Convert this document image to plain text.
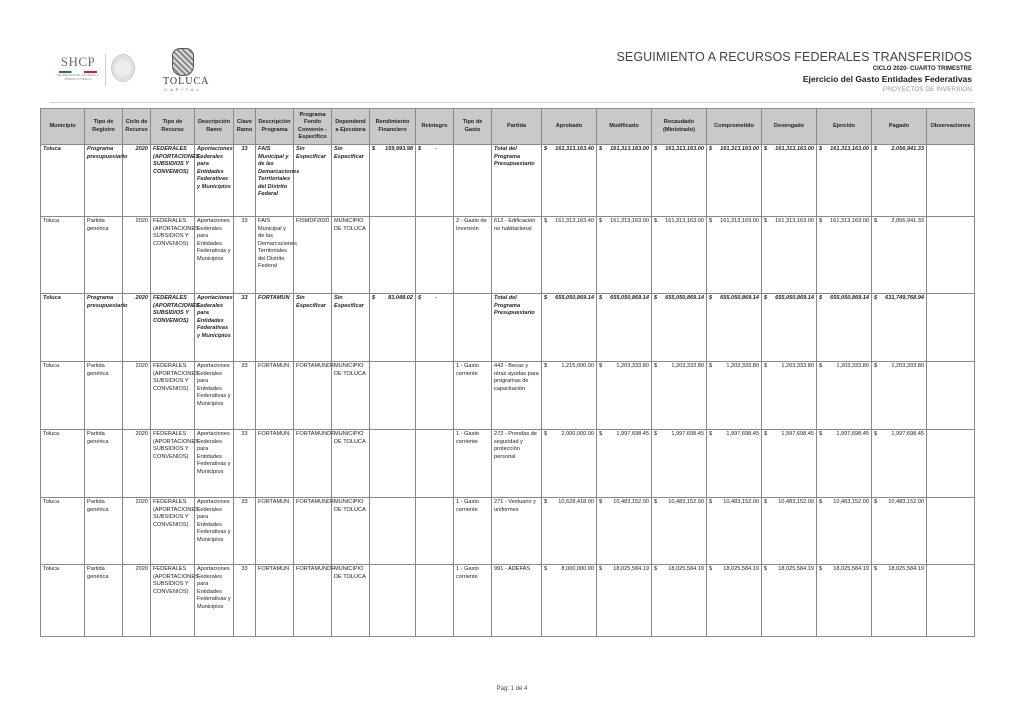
SHCP
SECRETARÍA DE HACIENDA Y CRÉDITO PÚBLICO	TOLUCA
CAPITAL
SEGUIMIENTO A RECURSOS FEDERALES TRANSFERIDOS
CICLO 2020- CUARTO TRIMESTRE
Ejercicio del Gasto Entidades Federativas
PROYECTOS DE INVERSION
Municipio	Tipo de Registro	Ciclo de Recurso	Tipo de Recurso	Descripción Ramo	Clave Ramo	Descripción Programa	Programa Fondo Convenio - Específico	Dependend a Ejecutora	Rendimiento Financiero	Reintegro	Tipo de Gasto	Partida	Aprobado	Modificado	Recaudado (Ministrado)	Comprometido	Devengado	Ejercido	Pagado	Observaciones
Toluca	Programa presupuestario	2020	FEDERALES (APORTACIONES, SUBSIDIOS Y CONVENIOS)	Aportaciones Federales para Entidades Federativas y Municipios	33	FAIS Municipal y de las Demarcaciones Territoriales del Distrito Federal	Sin Especificar	Sin Especificar	$ 159,993.98	$ -		Total del Programa Presupuestario	$ 161,313,163.40	$ 161,313,163.00	$ 161,313,163.00	$ 161,313,163.00	$ 161,313,163.00	$ 161,313,163.00	$ 2,056,941.33	

Toluca	Partida genérica	2020	FEDERALES (APORTACIONES, SUBSIDIOS Y CONVENIOS)	Aportaciones Federales para Entidades Federativas y Municipios	33	FAIS Municipal y de las Demarcaciones Territoriales del Distrito Federal	FISMDF2020	MUNICIPIO DE TOLUCA			2 - Gasto de Inversión	612 - Edificación no habitacional	$ 161,313,163.40	$ 161,313,163.00	$ 161,313,163.00	$ 161,313,163.00	$ 161,313,163.00	$ 161,313,163.00	$ 2,056,941.33	

Toluca	Programa presupuestario	2020	FEDERALES (APORTACIONES, SUBSIDIOS Y CONVENIOS)	Aportaciones Federales para Entidades Federativas y Municipios	33	FORTAMUN	Sin Especificar	Sin Especificar	$ 83,048.02	$ -		Total del Programa Presupuestario	$ 655,050,869.14	$ 655,050,869.14	$ 655,050,869.14	$ 655,050,869.14	$ 655,050,869.14	$ 655,050,869.14	$ 631,749,768.94	

Toluca	Partida genérica	2020	FEDERALES (APORTACIONES, SUBSIDIOS Y CONVENIOS)	Aportaciones Federales para Entidades Federativas y Municipios	33	FORTAMUN	FORTAMUNDF	MUNICIPIO DE TOLUCA			1 - Gasto corriente	442 - Becas y otras ayudas para programas de capacitación	$ 1,215,000.00	$ 1,203,333.80	$ 1,203,333.80	$ 1,203,333.80	$ 1,203,333.80	$ 1,203,333.80	$ 1,203,333.80	

Toluca	Partida genérica	2020	FEDERALES (APORTACIONES, SUBSIDIOS Y CONVENIOS)	Aportaciones Federales para Entidades Federativas y Municipios	33	FORTAMUN	FORTAMUNDF	MUNICIPIO DE TOLUCA			1 - Gasto corriente	272 - Prendas de seguridad y protección personal	$ 2,000,000.00	$ 1,997,698.45	$ 1,997,698.45	$ 1,997,698.45	$ 1,997,698.45	$ 1,997,698.45	$ 1,997,698.45	

Toluca	Partida genérica	2020	FEDERALES (APORTACIONES, SUBSIDIOS Y CONVENIOS)	Aportaciones Federales para Entidades Federativas y Municipios	33	FORTAMUN	FORTAMUNDF	MUNICIPIO DE TOLUCA			1 - Gasto corriente	271 - Vestuario y uniformes	$ 10,628,418.00	$ 10,483,152.00	$ 10,483,152.00	$ 10,483,152.00	$ 10,483,152.00	$ 10,483,152.00	$ 10,483,152.00	

Toluca	Partida genérica	2020	FEDERALES (APORTACIONES, SUBSIDIOS Y CONVENIOS)	Aportaciones Federales para Entidades Federativas y Municipios	33	FORTAMUN	FORTAMUNDF	MUNICIPIO DE TOLUCA			1 - Gasto corriente	991 - ADEFAS	$ 8,000,000.00	$ 18,025,584.19	$ 18,025,584.19	$ 18,025,584.19	$ 18,025,584.19	$ 18,025,584.19	$ 18,025,584.19	

Pag: 1 de 4
